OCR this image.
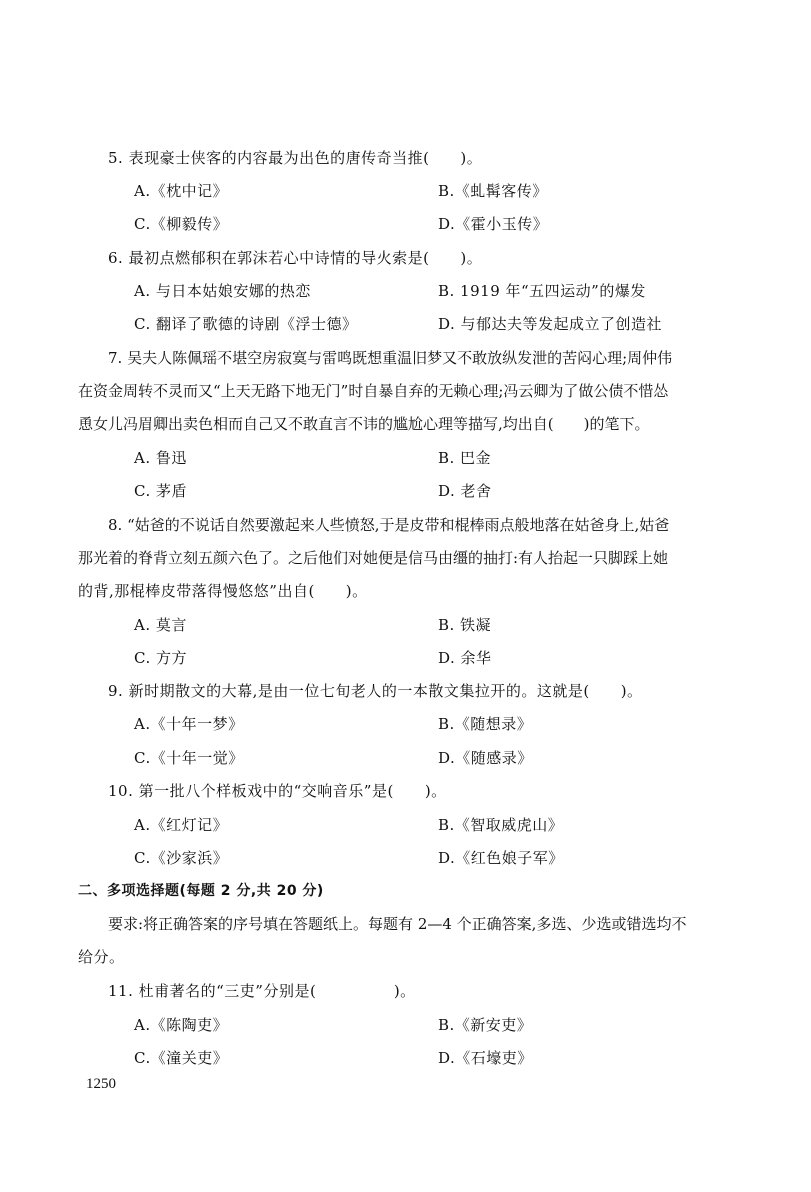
5. 表现豪士侠客的内容最为出色的唐传奇当推(　　)。
A.《枕中记》	B.《虬髯客传》
C.《柳毅传》	D.《霍小玉传》
6. 最初点燃郁积在郭沫若心中诗情的导火索是(　　)。
A. 与日本姑娘安娜的热恋	B. 1919 年“五四运动”的爆发
C. 翻译了歌德的诗剧《浮士德》	D. 与郁达夫等发起成立了创造社
7. 吴夫人陈佩瑶不堪空房寂寞与雷鸣既想重温旧梦又不敢放纵发泄的苦闷心理;周仲伟
在资金周转不灵而又“上天无路下地无门”时自暴自弃的无赖心理;冯云卿为了做公债不惜怂
恿女儿冯眉卿出卖色相而自己又不敢直言不讳的尴尬心理等描写,均出自(　　)的笔下。
A. 鲁迅	B. 巴金
C. 茅盾	D. 老舍
8. “姑爸的不说话自然要激起来人些愤怒,于是皮带和棍棒雨点般地落在姑爸身上,姑爸
那光着的脊背立刻五颜六色了。之后他们对她便是信马由缰的抽打:有人抬起一只脚踩上她
的背,那棍棒皮带落得慢悠悠”出自(　　)。
A. 莫言	B. 铁凝
C. 方方	D. 余华
9. 新时期散文的大幕,是由一位七旬老人的一本散文集拉开的。这就是(　　)。
A.《十年一梦》	B.《随想录》
C.《十年一觉》	D.《随感录》
10. 第一批八个样板戏中的“交响音乐”是(　　)。
A.《红灯记》	B.《智取威虎山》
C.《沙家浜》	D.《红色娘子军》
二、多项选择题(每题 2 分,共 20 分)
要求:将正确答案的序号填在答题纸上。每题有 2—4 个正确答案,多选、少选或错选均不
给分。
11. 杜甫著名的“三吏”分别是(　　　　　)。
A.《陈陶吏》	B.《新安吏》
C.《潼关吏》	D.《石壕吏》
1250
